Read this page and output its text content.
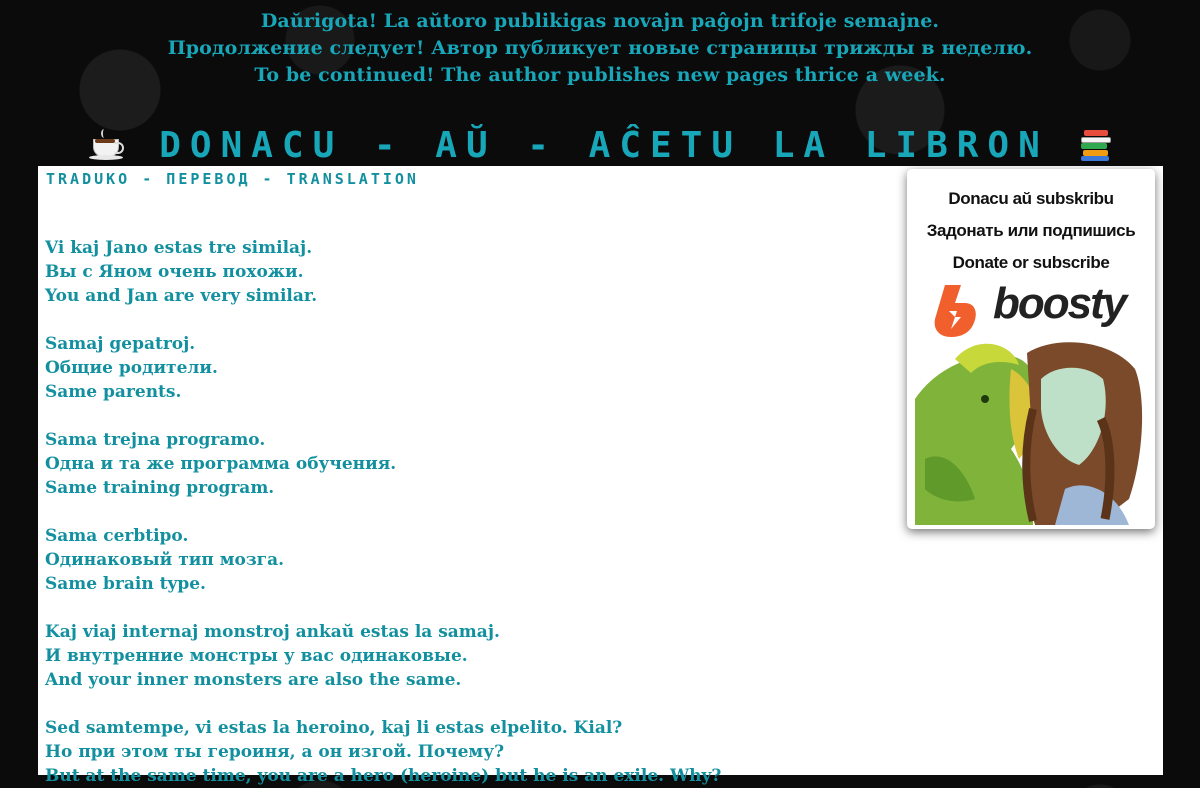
Daŭrigota! La aŭtoro publikigas novajn paĝojn trifoje semajne.
Продолжение следует! Автор публикует новые страницы трижды в неделю.
To be continued! The author publishes new pages thrice a week.
DONACU - AŬ - AĈETU LA LIBRON
TRADUKO - ПЕРЕВОД - TRANSLATION
Vi kaj Jano estas tre similaj.
Вы с Яном очень похожи.
You and Jan are very similar.
Samaj gepatroj.
Общие родители.
Same parents.
Sama trejna programo.
Одна и та же программа обучения.
Same training program.
Sama cerbtipo.
Одинаковый тип мозга.
Same brain type.
Kaj viaj internaj monstroj ankaŭ estas la samaj.
И внутренние монстры у вас одинаковые.
And your inner monsters are also the same.
Sed samtempe, vi estas la heroino, kaj li estas elpelito. Kial?
Но при этом ты героиня, а он изгой. Почему?
But at the same time, you are a hero (heroine) but he is an exile. Why?
Donacu aŭ subskribu
Задонать или подпишись
Donate or subscribe
boosty
